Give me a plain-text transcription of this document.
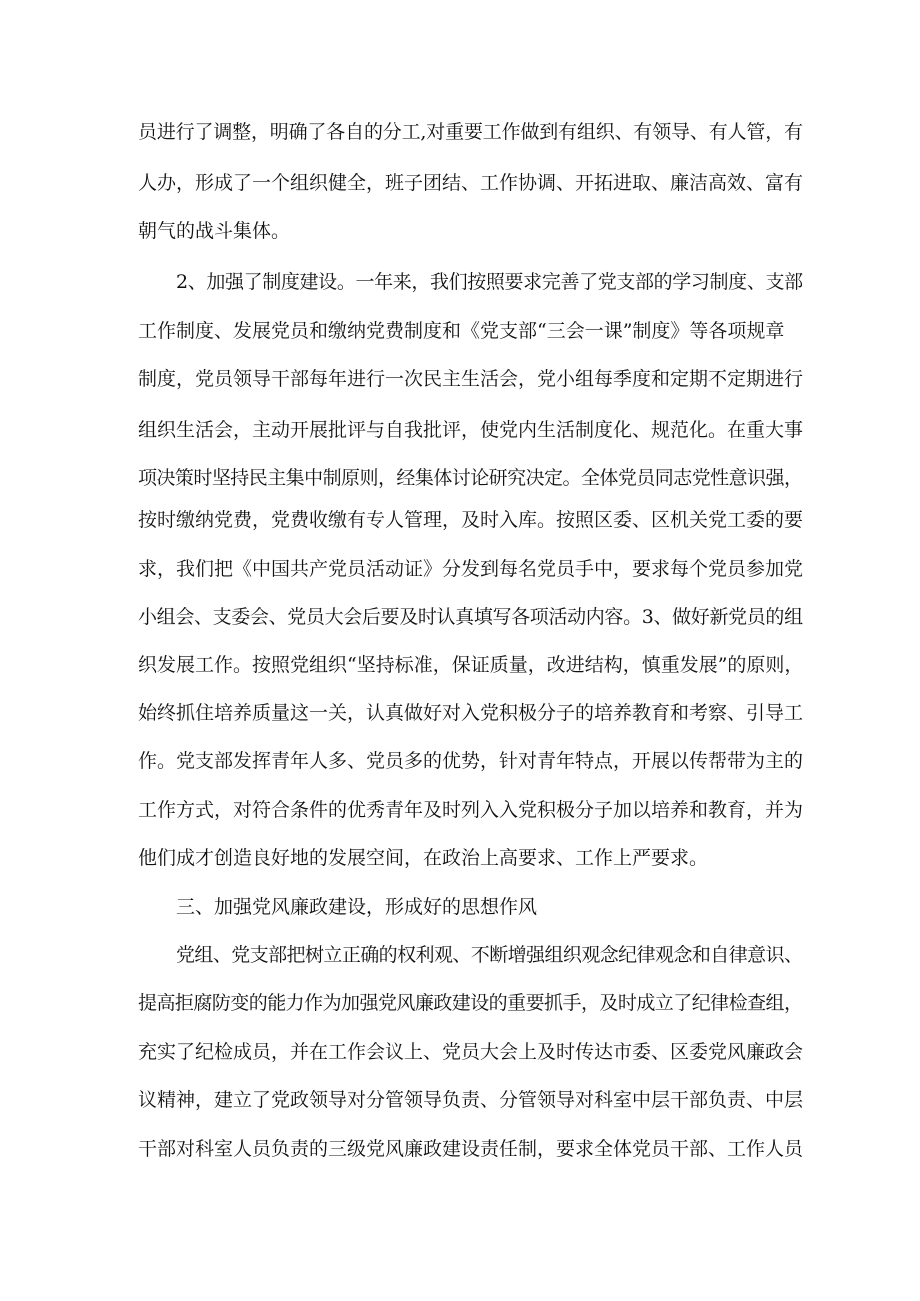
员进行了调整，明确了各自的分工,对重要工作做到有组织、有领导、有人管，有
人办，形成了一个组织健全，班子团结、工作协调、开拓进取、廉洁高效、富有
朝气的战斗集体。
2、加强了制度建设。一年来，我们按照要求完善了党支部的学习制度、支部
工作制度、发展党员和缴纳党费制度和《党支部“三会一课”制度》等各项规章
制度，党员领导干部每年进行一次民主生活会，党小组每季度和定期不定期进行
组织生活会，主动开展批评与自我批评，使党内生活制度化、规范化。在重大事
项决策时坚持民主集中制原则，经集体讨论研究决定。全体党员同志党性意识强，
按时缴纳党费，党费收缴有专人管理，及时入库。按照区委、区机关党工委的要
求，我们把《中国共产党员活动证》分发到每名党员手中，要求每个党员参加党
小组会、支委会、党员大会后要及时认真填写各项活动内容。3、做好新党员的组
织发展工作。按照党组织“坚持标准，保证质量，改进结构，慎重发展”的原则，
始终抓住培养质量这一关，认真做好对入党积极分子的培养教育和考察、引导工
作。党支部发挥青年人多、党员多的优势，针对青年特点，开展以传帮带为主的
工作方式，对符合条件的优秀青年及时列入入党积极分子加以培养和教育，并为
他们成才创造良好地的发展空间，在政治上高要求、工作上严要求。
三、加强党风廉政建设，形成好的思想作风
党组、党支部把树立正确的权利观、不断增强组织观念纪律观念和自律意识、
提高拒腐防变的能力作为加强党风廉政建设的重要抓手，及时成立了纪律检查组，
充实了纪检成员，并在工作会议上、党员大会上及时传达市委、区委党风廉政会
议精神，建立了党政领导对分管领导负责、分管领导对科室中层干部负责、中层
干部对科室人员负责的三级党风廉政建设责任制，要求全体党员干部、工作人员
